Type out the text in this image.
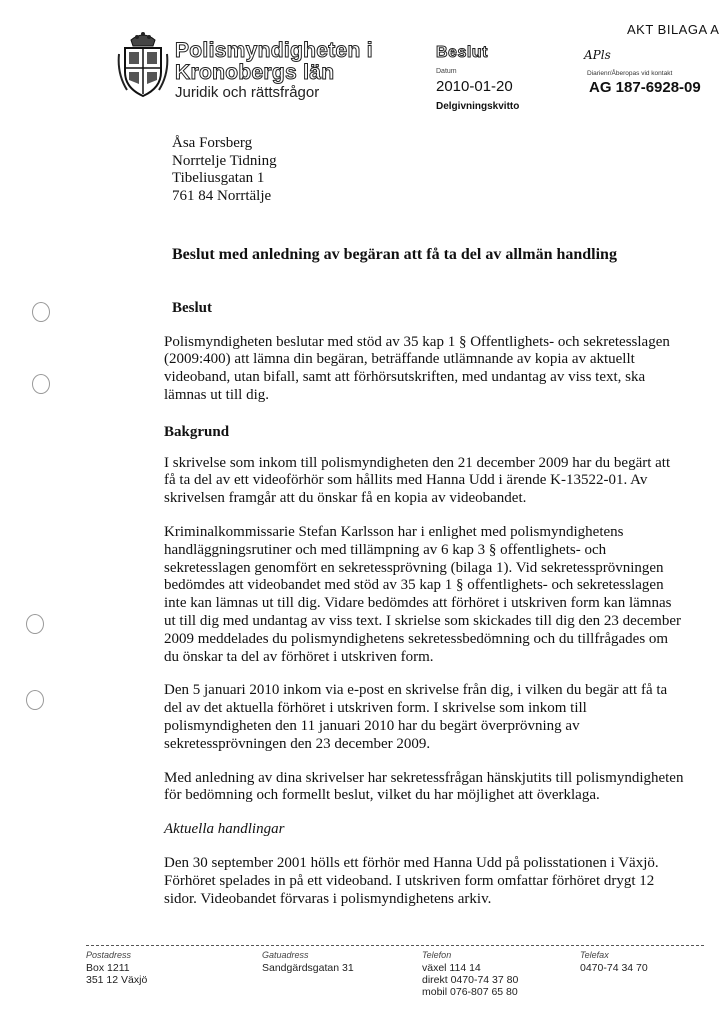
Polismyndigheten i
Kronobergs län
Juridik och rättsfrågor
Beslut
Datum
2010-01-20
Delgivningskvitto
AKT BILAGA A
APls
Diarienr/Åberopas vid kontakt
AG 187-6928-09
Åsa Forsberg
Norrtelje Tidning
Tibeliusgatan 1
761 84 Norrtälje
Beslut med anledning av begäran att få ta del av allmän handling
Beslut

Polismyndigheten beslutar med stöd av 35 kap 1 § Offentlighets- och sekretesslagen (2009:400) att lämna din begäran, beträffande utlämnande av kopia av aktuellt videoband, utan bifall, samt att förhörsutskriften, med undantag av viss text, ska lämnas ut till dig.

Bakgrund

I skrivelse som inkom till polismyndigheten den 21 december 2009 har du begärt att få ta del av ett videoförhör som hållits med Hanna Udd i ärende K-13522-01. Av skrivelsen framgår att du önskar få en kopia av videobandet.

Kriminalkommissarie Stefan Karlsson har i enlighet med polismyndighetens handläggningsrutiner och med tillämpning av 6 kap 3 § offentlighets- och sekretesslagen genomfört en sekretessprövning (bilaga 1). Vid sekretessprövningen bedömdes att videobandet med stöd av 35 kap 1 § offentlighets- och sekretesslagen inte kan lämnas ut till dig. Vidare bedömdes att förhöret i utskriven form kan lämnas ut till dig med undantag av viss text. I skrielse som skickades till dig den 23 december 2009 meddelades du polismyndighetens sekretessbedömning och du tillfrågades om du önskar ta del av förhöret i utskriven form.

Den 5 januari 2010 inkom via e-post en skrivelse från dig, i vilken du begär att få ta del av det aktuella förhöret i utskriven form. I skrivelse som inkom till polismyndigheten den 11 januari 2010 har du begärt överprövning av sekretessprövningen den 23 december 2009.

Med anledning av dina skrivelser har sekretessfrågan hänskjutits till polismyndigheten för bedömning och formellt beslut, vilket du har möjlighet att överklaga.

Aktuella handlingar

Den 30 september 2001 hölls ett förhör med Hanna Udd på polisstationen i Växjö. Förhöret spelades in på ett videoband. I utskriven form omfattar förhöret drygt 12 sidor. Videobandet förvaras i polismyndighetens arkiv.

Postadress
Box 1211
351 12 Växjö
Gatuadress
Sandgärdsgatan 31
Telefon
växel 114 14
direkt 0470-74 37 80
mobil 076-807 65 80
Telefax
0470-74 34 70
